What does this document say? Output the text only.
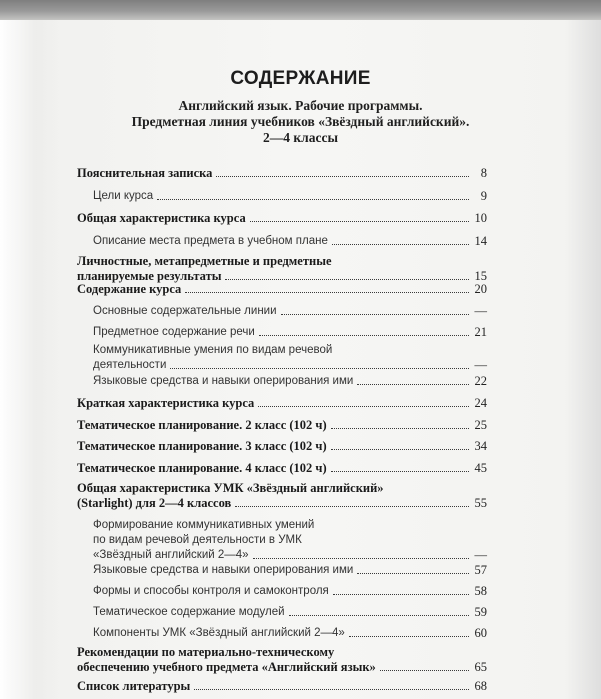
СОДЕРЖАНИЕ
Английский язык. Рабочие программы.
Предметная линия учебников «Звёздный английский».
2—4 классы
Пояснительная записка	8
Цели курса	9
Общая характеристика курса	10
Описание места предмета в учебном плане	14
Личностные, метапредметные и предметные
планируемые результаты	15
Содержание курса	20
Основные содержательные линии	—
Предметное содержание речи	21
Коммуникативные умения по видам речевой
деятельности	—
Языковые средства и навыки оперирования ими	22
Краткая характеристика курса	24
Тематическое планирование. 2 класс (102 ч)	25
Тематическое планирование. 3 класс (102 ч)	34
Тематическое планирование. 4 класс (102 ч)	45
Общая характеристика УМК «Звёздный английский»
(Starlight) для 2—4 классов	55
Формирование коммуникативных умений
по видам речевой деятельности в УМК
«Звёздный английский 2—4»	—
Языковые средства и навыки оперирования ими	57
Формы и способы контроля и самоконтроля	58
Тематическое содержание модулей	59
Компоненты УМК «Звёздный английский 2—4»	60
Рекомендации по материально-техническому
обеспечению учебного предмета «Английский язык»	65
Список литературы	68
